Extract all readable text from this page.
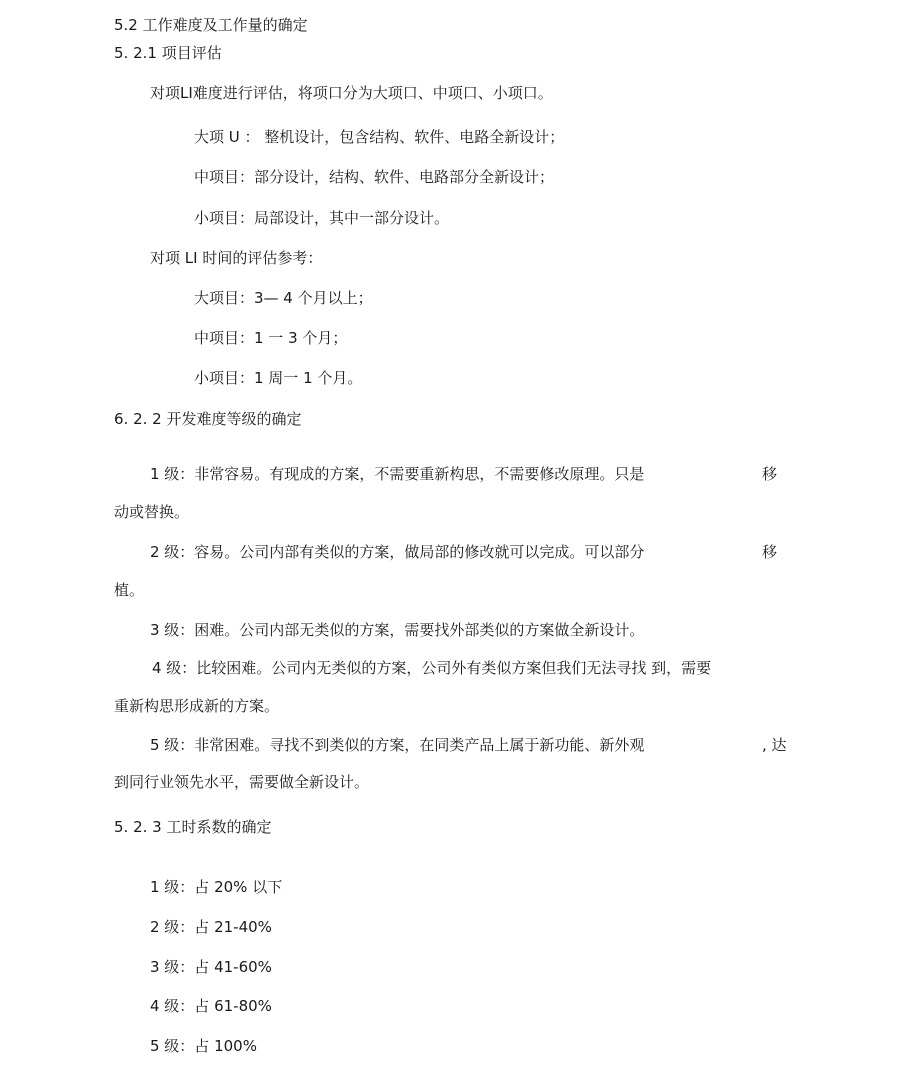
5.2 工作难度及工作量的确定
5. 2.1 项目评估
对项LI难度进行评估，将项口分为大项口、中项口、小项口。
大项 U ： 整机设计，包含结构、软件、电路全新设计；
中项目：部分设计，结构、软件、电路部分全新设计；
小项目：局部设计，其中一部分设计。
对项 LI 时间的评估参考：
大项目：3— 4 个月以上；
中项目：1 一 3 个月；
小项目：1 周一 1 个月。
6. 2. 2 开发难度等级的确定
1 级：非常容易。有现成的方案，不需要重新构思，不需要修改原理。只是	移
动或替换。
2 级：容易。公司内部有类似的方案，做局部的修改就可以完成。可以部分	移
植。
3 级：困难。公司内部无类似的方案，需要找外部类似的方案做全新设计。
4 级：比较困难。公司内无类似的方案，公司外有类似方案但我们无法寻找 到，需要
重新构思形成新的方案。
5 级：非常困难。寻找不到类似的方案，在同类产品上属于新功能、新外观	, 达
到同行业领先水平，需要做全新设计。
5. 2. 3 工时系数的确定
1 级：占 20% 以下
2 级：占 21-40%
3 级：占 41-60%
4 级：占 61-80%
5 级：占 100%
